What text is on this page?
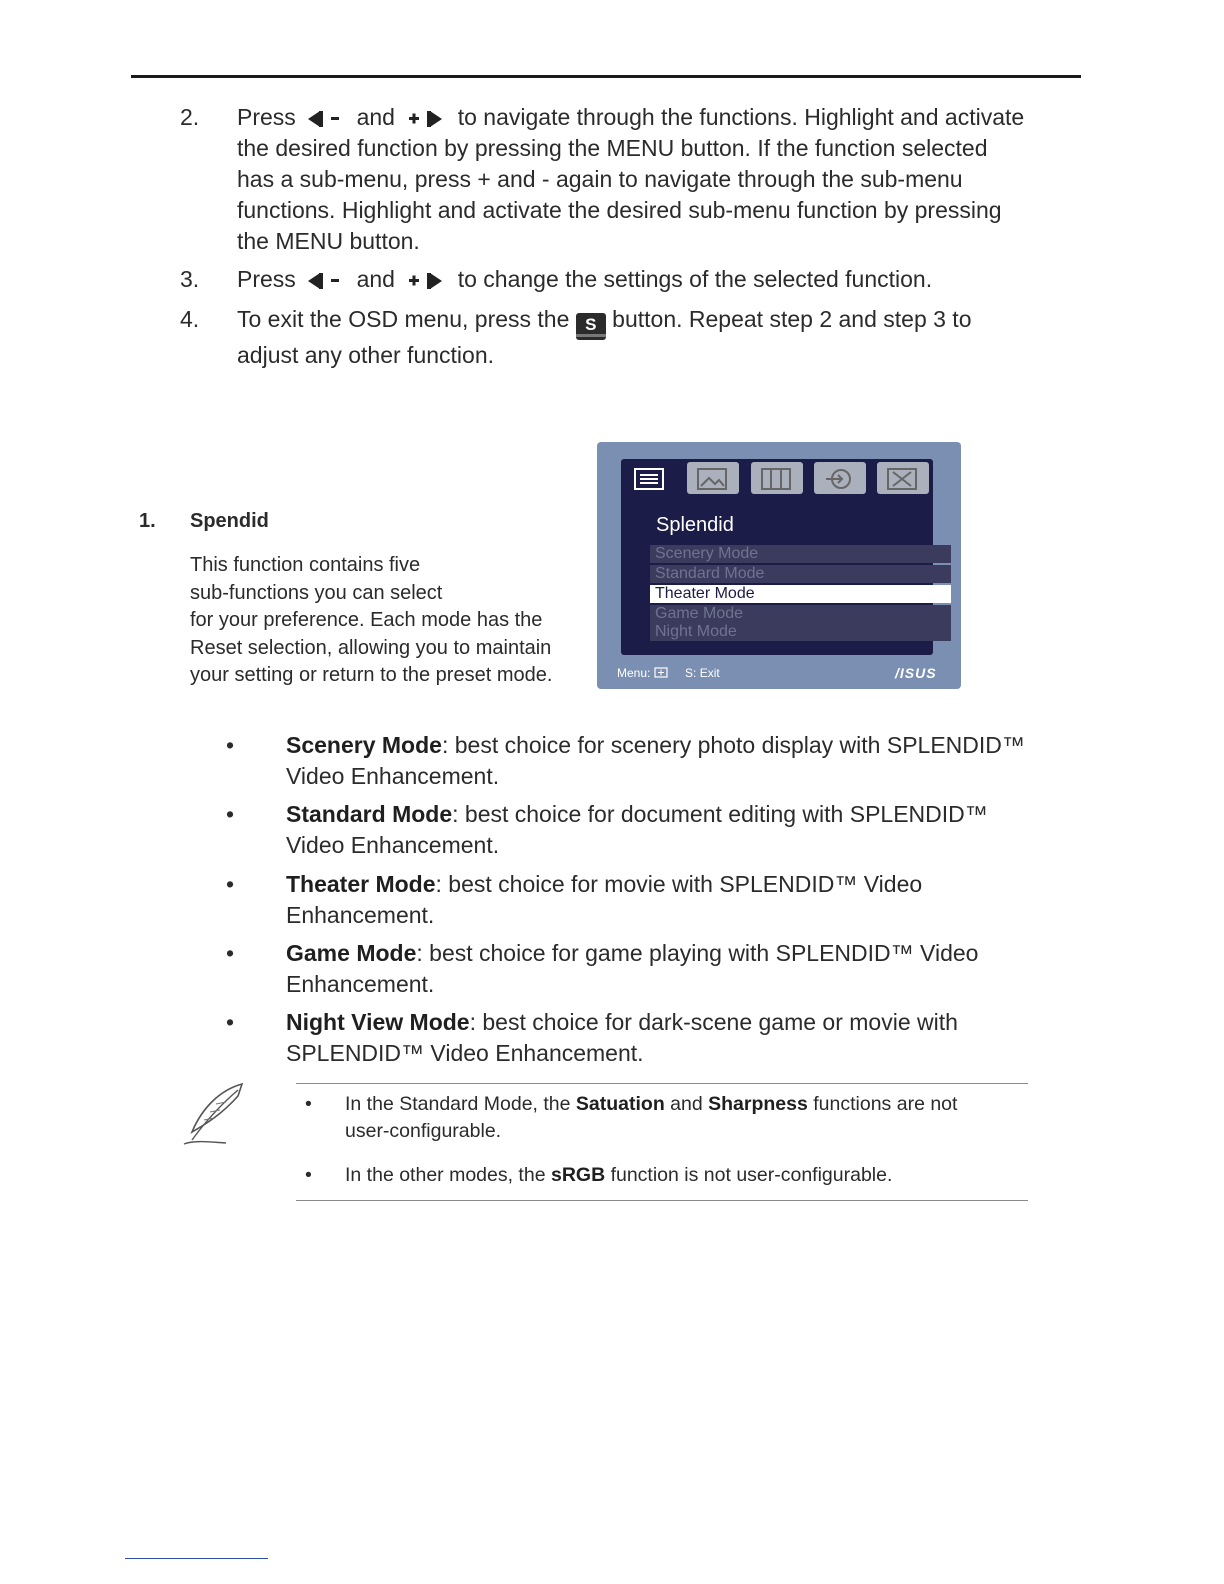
2. Press	and	to navigate through the functions. Highlight and activate
the desired function by pressing the MENU button. If the function selected
has a sub-menu, press + and - again to navigate through the sub-menu
functions. Highlight and activate the desired sub-menu function by pressing
the MENU button.
3. Press	and	to change the settings of the selected function.
4. To exit the OSD menu, press the S button. Repeat step 2 and step 3 to
adjust any other function.
1. Spendid
This function contains five
sub-functions you can select
for your preference. Each mode has the
Reset selection, allowing you to maintain
your setting or return to the preset mode.
Splendid
Scenery Mode
Standard Mode
Theater Mode
Game Mode
Night Mode
Menu:	S: Exit	/ISUS
• Scenery Mode: best choice for scenery photo display with SPLENDID™
Video Enhancement.
• Standard Mode: best choice for document editing with SPLENDID™
Video Enhancement.
• Theater Mode: best choice for movie with SPLENDID™ Video
Enhancement.
• Game Mode: best choice for game playing with SPLENDID™ Video
Enhancement.
• Night View Mode: best choice for dark-scene game or movie with
SPLENDID™ Video Enhancement.
• In the Standard Mode, the Satuation and Sharpness functions are not
user-configurable.
• In the other modes, the sRGB function is not user-configurable.
